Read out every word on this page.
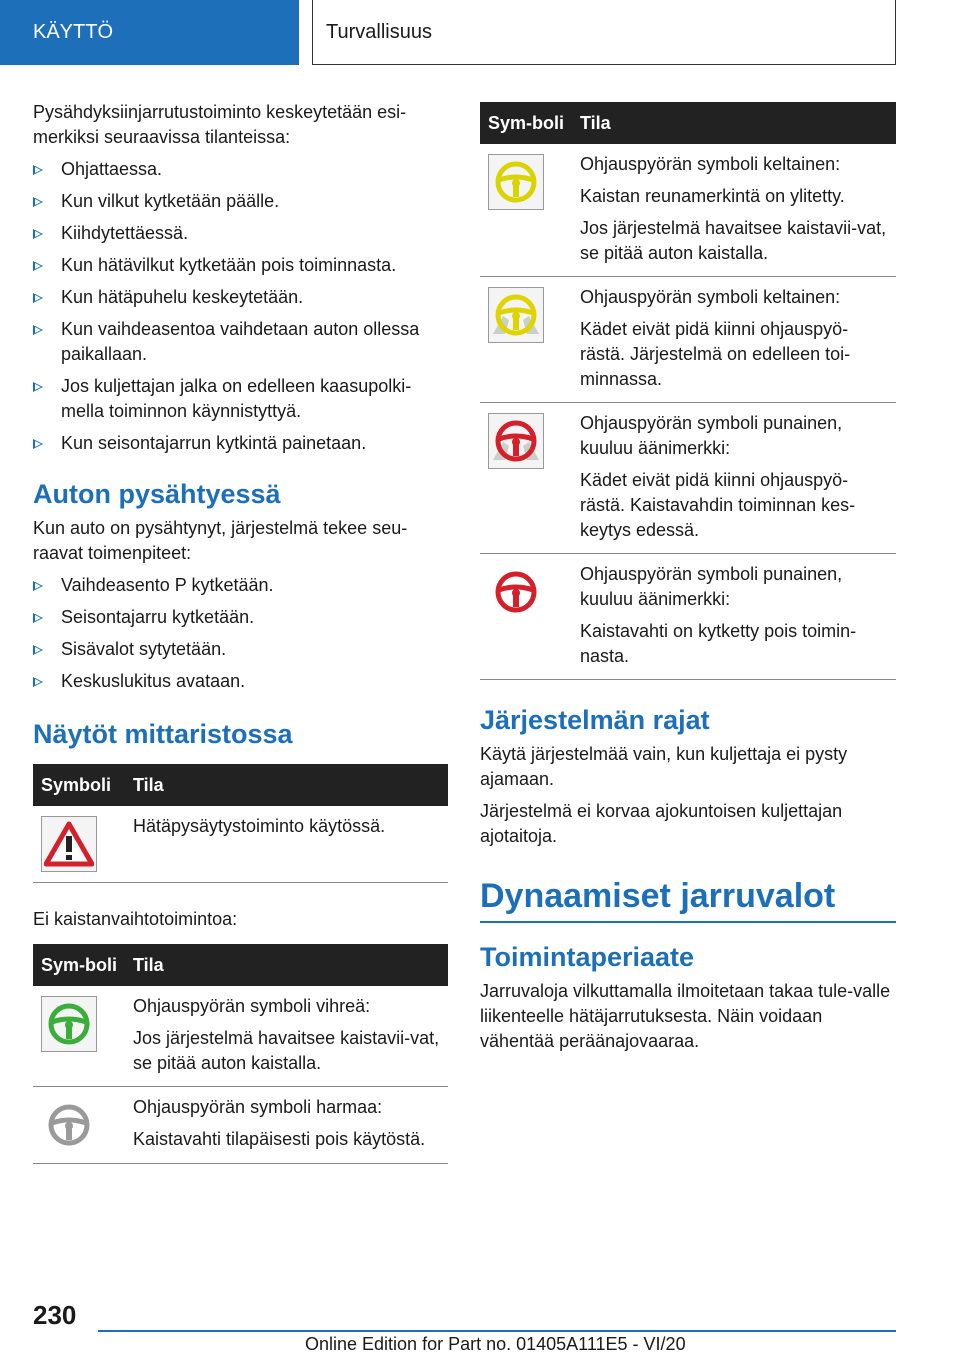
KÄYTTÖ	Turvallisuus

Pysähdyksiinjarrutustoiminto keskeytetään esi-merkiksi seuraavissa tilanteissa:

Ohjattaessa.
Kun vilkut kytketään päälle.
Kiihdytettäessä.
Kun hätävilkut kytketään pois toiminnasta.
Kun hätäpuhelu keskeytetään.
Kun vaihdeasentoa vaihdetaan auton ollessa paikallaan.
Jos kuljettajan jalka on edelleen kaasupolki-mella toiminnon käynnistyttyä.
Kun seisontajarrun kytkintä painetaan.
Auton pysähtyessä

Kun auto on pysähtynyt, järjestelmä tekee seu-raavat toimenpiteet:

Vaihdeasento P kytketään.
Seisontajarru kytketään.
Sisävalot sytytetään.
Keskuslukitus avataan.
Näytöt mittaristossa
Symboli	Tila

Hätäpysäytystoiminto käytössä.

Ei kaistanvaihtotoimintoa:

Sym-boli	Tila

Ohjauspyörän symboli vihreä:
Jos järjestelmä havaitsee kaistavii-vat, se pitää auton kaistalla.

Ohjauspyörän symboli harmaa:
Kaistavahti tilapäisesti pois käytöstä.
Sym-boli	Tila

Ohjauspyörän symboli keltainen:
Kaistan reunamerkintä on ylitetty.
Jos järjestelmä havaitsee kaistavii-vat, se pitää auton kaistalla.

Ohjauspyörän symboli keltainen:
Kädet eivät pidä kiinni ohjauspyö-rästä. Järjestelmä on edelleen toi-minnassa.

Ohjauspyörän symboli punainen, kuuluu äänimerkki:
Kädet eivät pidä kiinni ohjauspyö-rästä. Kaistavahdin toiminnan kes-keytys edessä.

Ohjauspyörän symboli punainen, kuuluu äänimerkki:
Kaistavahti on kytketty pois toimin-nasta.
Järjestelmän rajat

Käytä järjestelmää vain, kun kuljettaja ei pysty ajamaan.

Järjestelmä ei korvaa ajokuntoisen kuljettajan ajotaitoja.

Dynaamiset jarruvalot
Toimintaperiaate

Jarruvaloja vilkuttamalla ilmoitetaan takaa tule-valle liikenteelle hätäjarrutuksesta. Näin voidaan vähentää peräänajovaaraa.

230
Online Edition for Part no. 01405A111E5 - VI/20
